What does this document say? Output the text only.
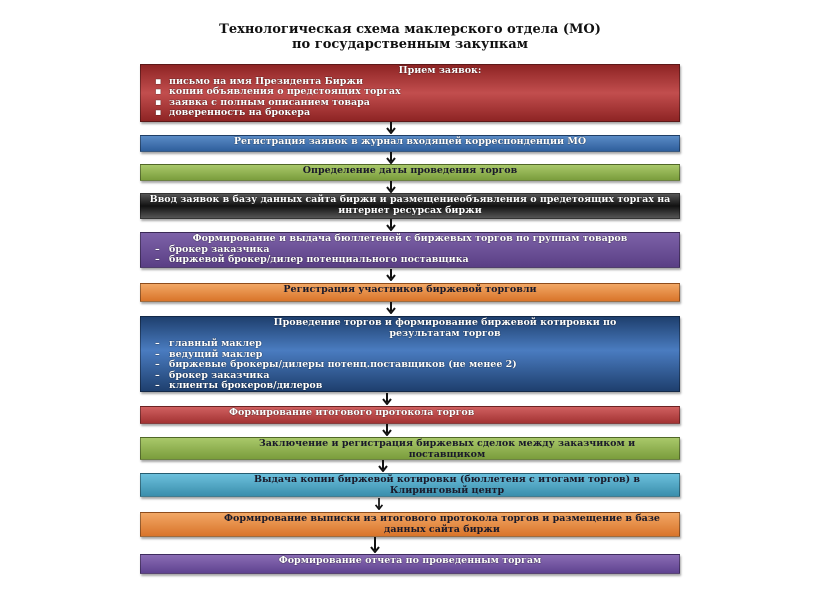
Технологическая схема маклерского отдела (МО)
по государственным закупкам
Прием заявок:
▪ письмо на имя Президента Биржи
▪ копии объявления о предстоящих торгах
▪ заявка с полным описанием товара
▪ доверенность на брокера
Регистрация заявок в журнал входящей корреспонденции МО
Определение даты проведения торгов
Ввод заявок в базу данных сайта биржи и размещениеобъявления о предетоящих торгах на интернет ресурсах биржи
Формирование и выдача бюллетеней с биржевых торгов по группам товаров
– брокер заказчика
– биржевой брокер/дилер потенциального поставщика
Регистрация участников биржевой торговли
Проведение торгов и формирование биржевой котировки по результатам торгов
– главный маклер
– ведущий маклер
– биржевые брокеры/дилеры потенц.поставщиков (не менее 2)
– брокер заказчика
– клиенты брокеров/дилеров
Формирование итогового протокола торгов
Заключение и регистрация биржевых сделок между заказчиком и поставщиком
Выдача копии биржевой котировки (бюллетеня с итогами торгов) в Клиринговый центр
Формирование выписки из итогового протокола торгов и размещение в базе данных сайта биржи
Формирование отчета по проведенным торгам
